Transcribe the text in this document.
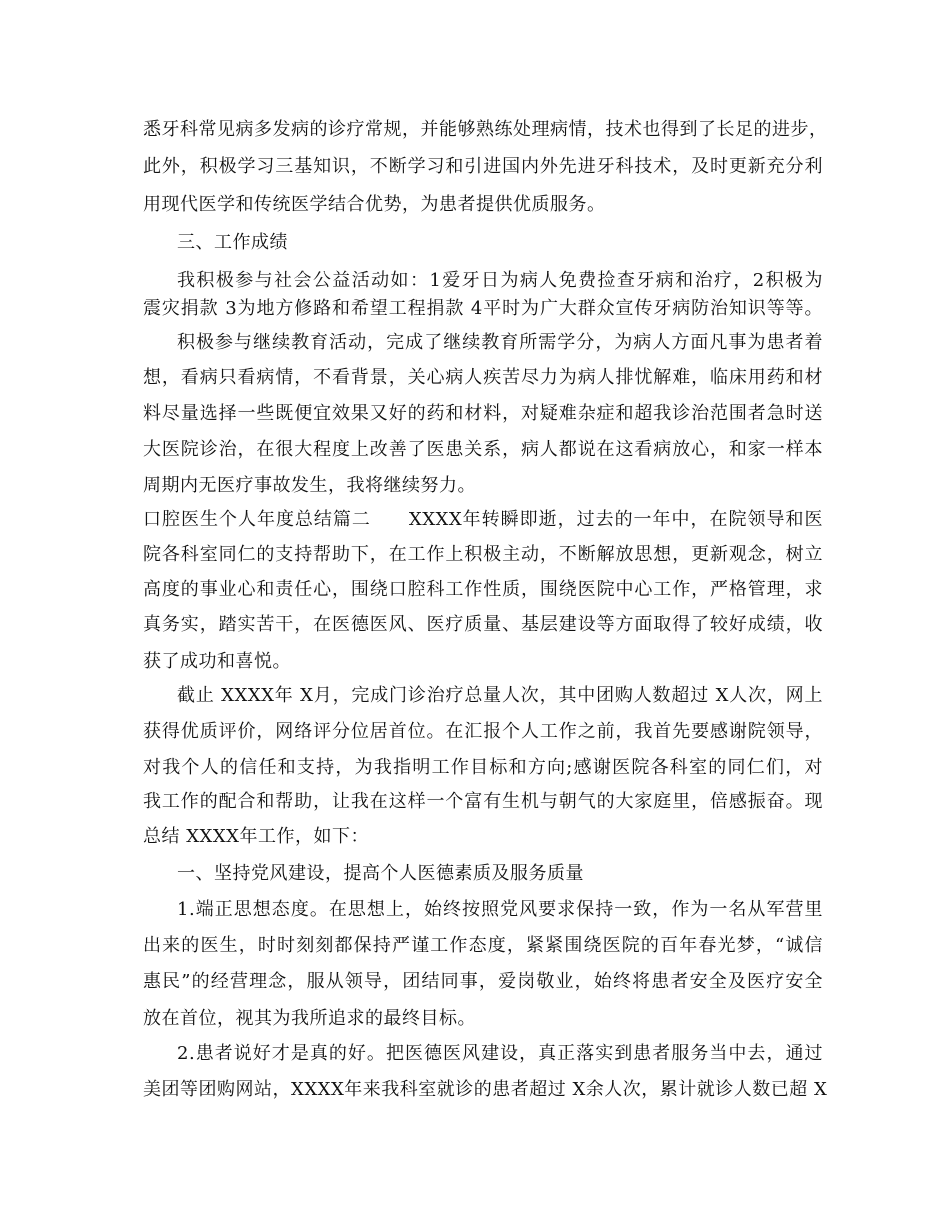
悉牙科常见病多发病的诊疗常规，并能够熟练处理病情，技术也得到了长足的进步，
此外，积极学习三基知识，不断学习和引进国内外先进牙科技术，及时更新充分利
用现代医学和传统医学结合优势，为患者提供优质服务。
三、工作成绩
我积极参与社会公益活动如：1爱牙日为病人免费捡查牙病和治疗，2积极为
震灾捐款 3为地方修路和希望工程捐款 4平时为广大群众宣传牙病防治知识等等。
积极参与继续教育活动，完成了继续教育所需学分，为病人方面凡事为患者着
想，看病只看病情，不看背景，关心病人疾苦尽力为病人排忧解难，临床用药和材
料尽量选择一些既便宜效果又好的药和材料，对疑难杂症和超我诊治范围者急时送
大医院诊治，在很大程度上改善了医患关系，病人都说在这看病放心，和家一样本
周期内无医疗事故发生，我将继续努力。
口腔医生个人年度总结篇二　　XXXX年转瞬即逝，过去的一年中，在院领导和医
院各科室同仁的支持帮助下，在工作上积极主动，不断解放思想，更新观念，树立
高度的事业心和责任心，围绕口腔科工作性质，围绕医院中心工作，严格管理，求
真务实，踏实苦干，在医德医风、医疗质量、基层建设等方面取得了较好成绩，收
获了成功和喜悦。
截止 XXXX年 X月，完成门诊治疗总量人次，其中团购人数超过 X人次，网上
获得优质评价，网络评分位居首位。在汇报个人工作之前，我首先要感谢院领导，
对我个人的信任和支持，为我指明工作目标和方向;感谢医院各科室的同仁们，对
我工作的配合和帮助，让我在这样一个富有生机与朝气的大家庭里，倍感振奋。现
总结 XXXX年工作，如下：
一、坚持党风建设，提高个人医德素质及服务质量
1.端正思想态度。在思想上，始终按照党风要求保持一致，作为一名从军营里
出来的医生，时时刻刻都保持严谨工作态度，紧紧围绕医院的百年春光梦，“诚信
惠民”的经营理念，服从领导，团结同事，爱岗敬业，始终将患者安全及医疗安全
放在首位，视其为我所追求的最终目标。
2.患者说好才是真的好。把医德医风建设，真正落实到患者服务当中去，通过
美团等团购网站，XXXX年来我科室就诊的患者超过 X余人次，累计就诊人数已超 X
